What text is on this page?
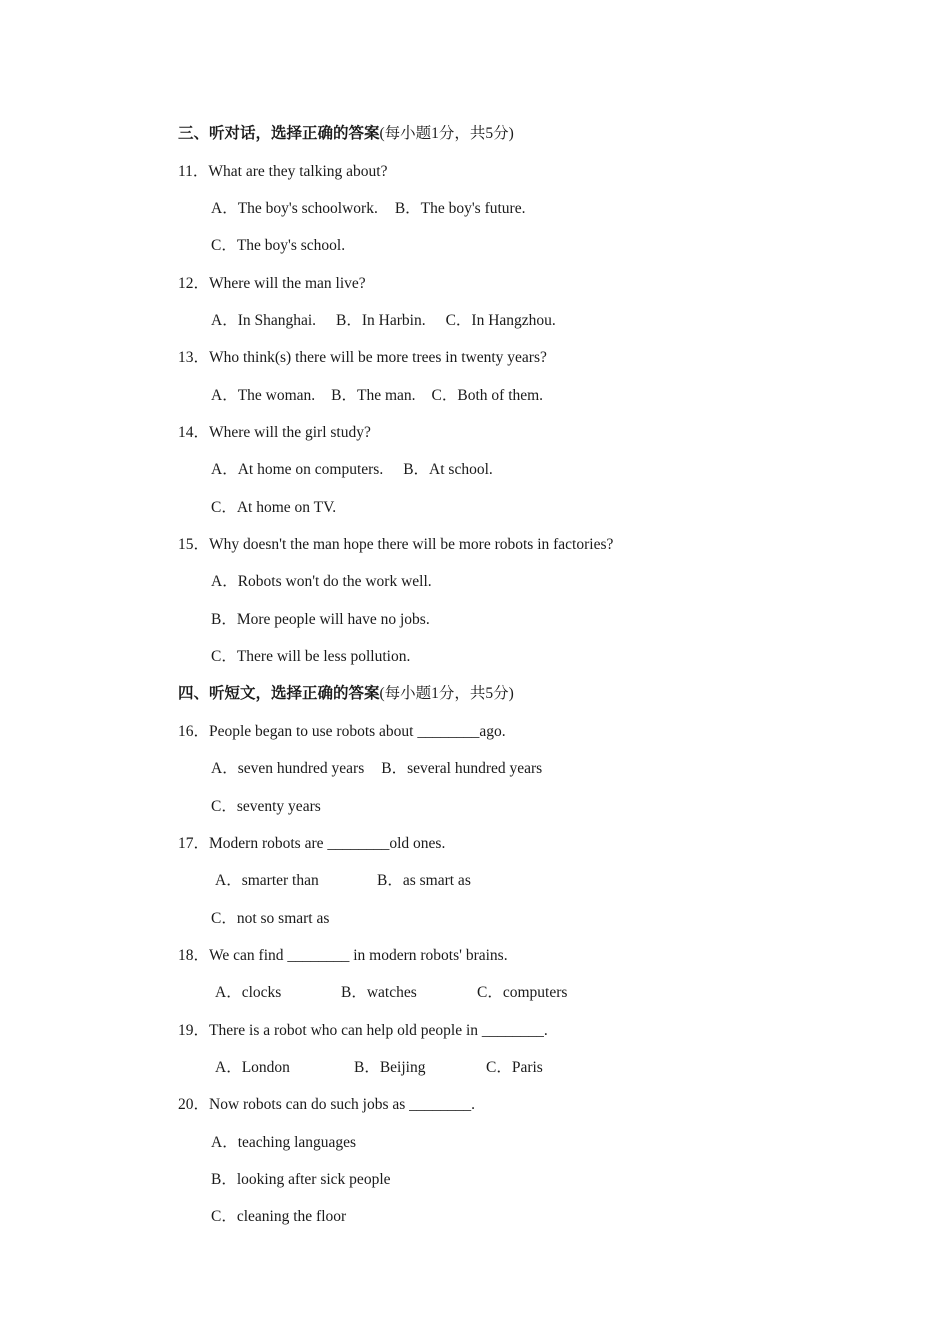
三、听对话，选择正确的答案(每小题1分，共5分)
11．What are they talking about?
A．The boy's schoolwork. B．The boy's future.
C．The boy's school.
12．Where will the man live?
A．In Shanghai. B．In Harbin. C．In Hangzhou.
13．Who think(s) there will be more trees in twenty years?
A．The woman. B．The man. C．Both of them.
14．Where will the girl study?
A．At home on computers. B．At school.
C．At home on TV.
15．Why doesn't the man hope there will be more robots in factories?
A．Robots won't do the work well.
B．More people will have no jobs.
C．There will be less pollution.
四、听短文，选择正确的答案(每小题1分，共5分)
16．People began to use robots about ________ago.
A．seven hundred years B．several hundred years
C．seventy years
17．Modern robots are ________old ones.
A．smarter than	B．as smart as
C．not so smart as
18．We can find ________ in modern robots' brains.
A．clocks	B．watches	C．computers
19．There is a robot who can help old people in ________.
A．London	B．Beijing	C．Paris
20．Now robots can do such jobs as ________.
A．teaching languages
B．looking after sick people
C．cleaning the floor
